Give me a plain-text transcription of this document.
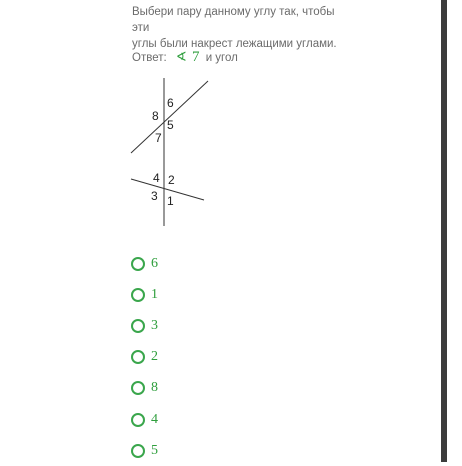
Выбери пару данному углу так, чтобы эти
углы были накрест лежащими углами.
Ответ: ∢ 7 и угол
6
8
5
7
4 2
3 1
6
1
3
2
8
4
5
